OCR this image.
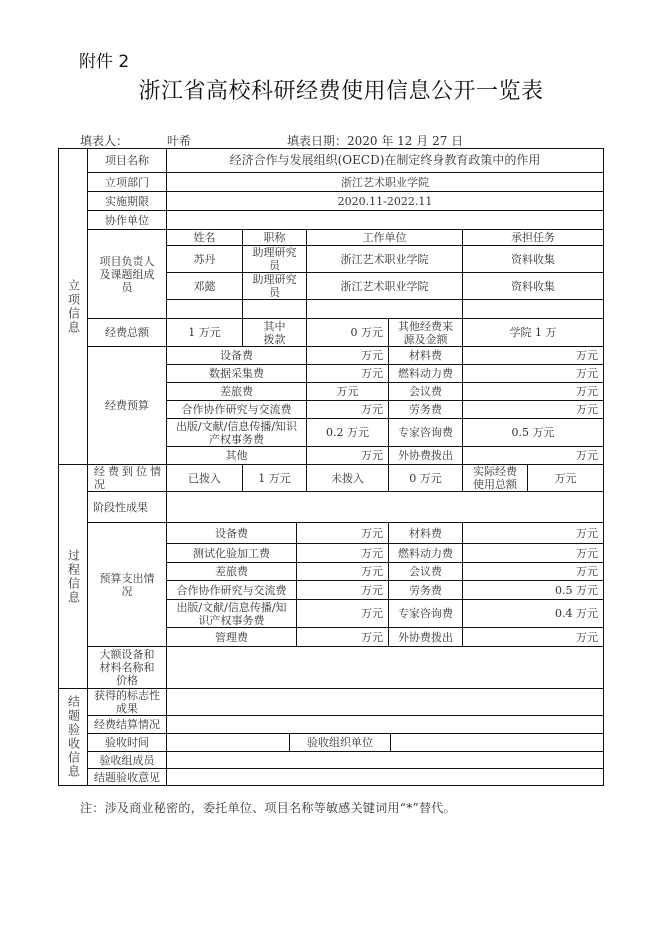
附件 2
浙江省高校科研经费使用信息公开一览表
填表人：	叶希	填表日期：2020 年 12 月 27 日
立项信息
过程信息
结题验收信息
项目名称	经济合作与发展组织(OECD)在制定终身教育政策中的作用
立项部门	浙江艺术职业学院
实施期限	2020.11-2022.11
协作单位
项目负责人及课题组成员
姓名	职称	工作单位	承担任务
苏丹	助理研究员	浙江艺术职业学院	资料收集
邓懿	助理研究员	浙江艺术职业学院	资料收集
经费总额	1 万元	其中拨款	0 万元	其他经费来源及金额	学院 1 万
经费预算
设备费	万元	材料费	万元
数据采集费	万元	燃料动力费	万元
差旅费	万元	会议费	万元
合作协作研究与交流费	万元	劳务费	万元
出版/文献/信息传播/知识产权事务费	0.2 万元	专家咨询费	0.5 万元
其他	万元	外协费拨出	万元
经费到位情况	已拨入	1 万元	未拨入	0 万元	实际经费使用总额	万元
阶段性成果
预算支出情况
设备费	万元	材料费	万元
测试化验加工费	万元	燃料动力费	万元
差旅费	万元	会议费	万元
合作协作研究与交流费	万元	劳务费	0.5 万元
出版/文献/信息传播/知识产权事务费	万元	专家咨询费	0.4 万元
管理费	万元	外协费拨出	万元
大额设备和材料名称和价格
获得的标志性成果
经费结算情况
验收时间	验收组织单位
验收组成员
结题验收意见
注：涉及商业秘密的，委托单位、项目名称等敏感关键词用“*”替代。
